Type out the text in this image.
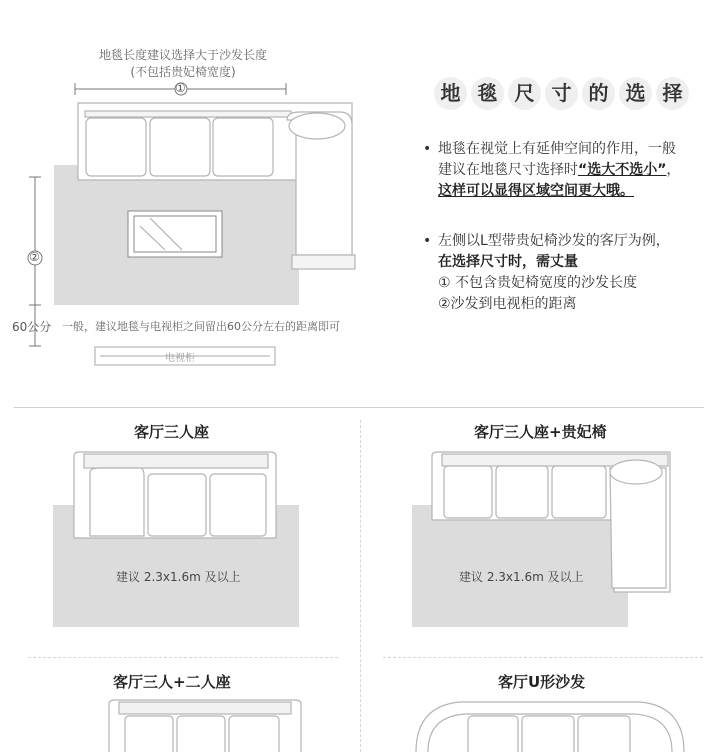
地毯长度建议选择大于沙发长度
(不包括贵妃椅宽度)
①
②
60公分 一般，建议地毯与电视柜之间留出60公分左右的距离即可
电视柜
地 毯 尺 寸 的 选 择
• 地毯在视觉上有延伸空间的作用，一般
建议在地毯尺寸选择时“选大不选小”，
这样可以显得区域空间更大哦。
• 左侧以L型带贵妃椅沙发的客厅为例，
在选择尺寸时，需丈量
① 不包含贵妃椅宽度的沙发长度
②沙发到电视柜的距离
客厅三人座
建议 2.3x1.6m 及以上
客厅三人座+贵妃椅
建议 2.3x1.6m 及以上
客厅三人+二人座	客厅U形沙发
